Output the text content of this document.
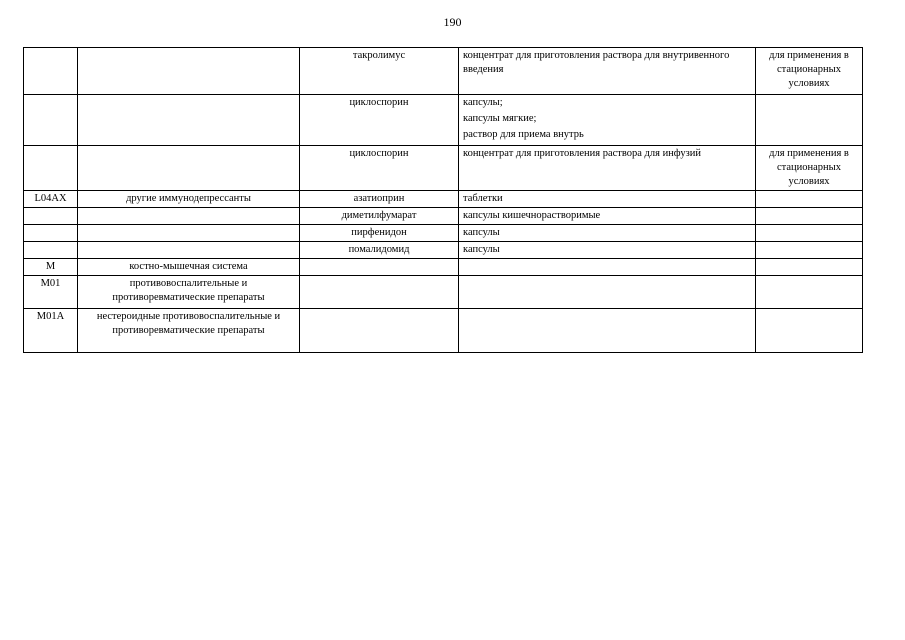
190
		такролимус	концентрат для приготовления раствора для внутривенного введения	для применения в стационарных условиях
		циклоспорин	капсулы;
капсулы мягкие;
раствор для приема внутрь	

		циклоспорин	концентрат для приготовления раствора для инфузий	для применения в стационарных условиях
L04AX	другие иммунодепрессанты	азатиоприн	таблетки	

		диметилфумарат	капсулы кишечнорастворимые	

		пирфенидон	капсулы	

		помалидомид	капсулы	

M	костно-мышечная система			
M01	противовоспалительные и противоревматические препараты			
M01A	нестероидные противовоспалительные и противоревматические препараты			
